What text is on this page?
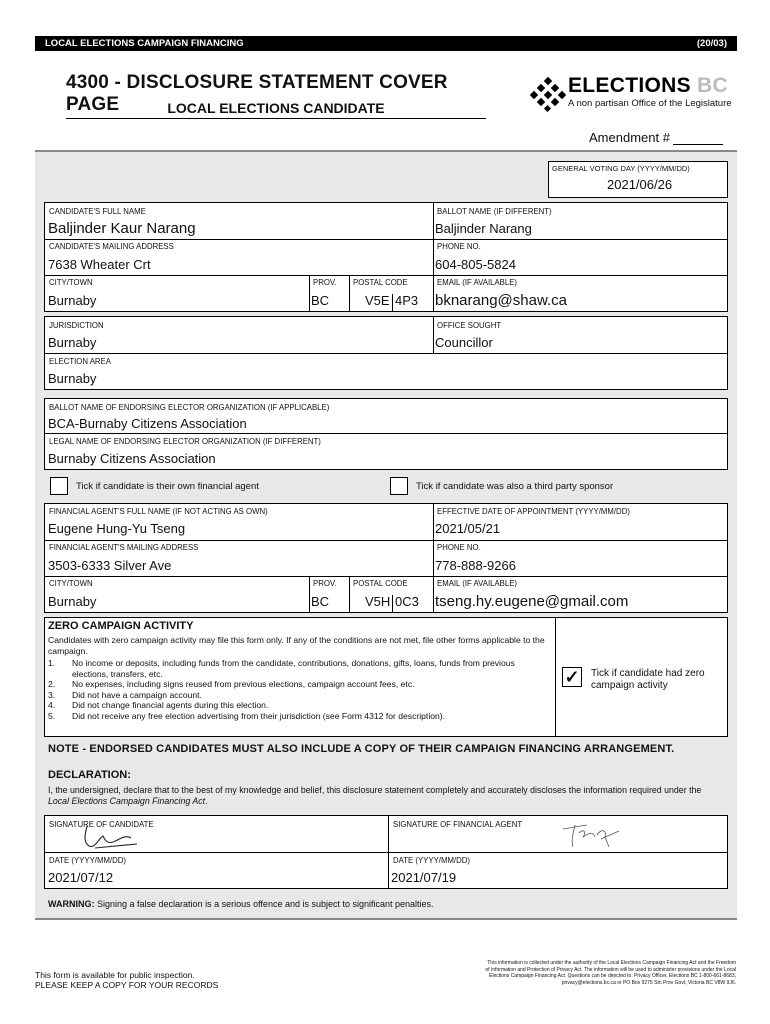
LOCAL ELECTIONS CAMPAIGN FINANCING	(20/03)
4300 - DISCLOSURE STATEMENT COVER PAGE	LOCAL ELECTIONS CANDIDATE
ELECTIONS BC
A non partisan Office of the Legislature
Amendment #
GENERAL VOTING DAY (YYYY/MM/DD)
2021/06/26
CANDIDATE'S FULL NAME
Baljinder Kaur Narang
BALLOT NAME (IF DIFFERENT)
Baljinder Narang
CANDIDATE'S MAILING ADDRESS
7638 Wheater Crt
PHONE NO.
604-805-5824
CITY/TOWN
Burnaby
PROV.
BC
POSTAL CODE
V5E 4P3
EMAIL (IF AVAILABLE)
bknarang@shaw.ca
JURISDICTION
Burnaby
OFFICE SOUGHT
Councillor
ELECTION AREA
Burnaby
BALLOT NAME OF ENDORSING ELECTOR ORGANIZATION (IF APPLICABLE)
BCA-Burnaby Citizens Association
LEGAL NAME OF ENDORSING ELECTOR ORGANIZATION (IF DIFFERENT)
Burnaby Citizens Association
Tick if candidate is their own financial agent	Tick if candidate was also a third party sponsor
FINANCIAL AGENT'S FULL NAME (IF NOT ACTING AS OWN)
Eugene Hung-Yu Tseng
EFFECTIVE DATE OF APPOINTMENT (YYYY/MM/DD)
2021/05/21
FINANCIAL AGENT'S MAILING ADDRESS
3503-6333 Silver Ave
PHONE NO.
778-888-9266
CITY/TOWN
Burnaby
PROV.
BC
POSTAL CODE
V5H 0C3
EMAIL (IF AVAILABLE)
tseng.hy.eugene@gmail.com
ZERO CAMPAIGN ACTIVITY
Candidates with zero campaign activity may file this form only. If any of the conditions are not met, file other forms applicable to the campaign.
1.	No income or deposits, including funds from the candidate, contributions, donations, gifts, loans, funds from previous elections, transfers, etc.
2.	No expenses, including signs reused from previous elections, campaign account fees, etc.
3.	Did not have a campaign account.
4.	Did not change financial agents during this election.
5.	Did not receive any free election advertising from their jurisdiction (see Form 4312 for description).
✓ Tick if candidate had zero campaign activity
NOTE - ENDORSED CANDIDATES MUST ALSO INCLUDE A COPY OF THEIR CAMPAIGN FINANCING ARRANGEMENT.
DECLARATION:
I, the undersigned, declare that to the best of my knowledge and belief, this disclosure statement completely and accurately discloses the information required under the Local Elections Campaign Financing Act.
SIGNATURE OF CANDIDATE	SIGNATURE OF FINANCIAL AGENT
DATE (YYYY/MM/DD)
2021/07/12
DATE (YYYY/MM/DD)
2021/07/19
WARNING: Signing a false declaration is a serious offence and is subject to significant penalties.
This form is available for public inspection.
PLEASE KEEP A COPY FOR YOUR RECORDS
This information is collected under the authority of the Local Elections Campaign Financing Act and the Freedom
of Information and Protection of Privacy Act. The information will be used to administer provisions under the Local
Elections Campaign Financing Act. Questions can be directed to: Privacy Officer, Elections BC 1-800-661-8683,
privacy@elections.bc.ca or PO Box 9275 Stn Prov Govt, Victoria BC V8W 9J6.
